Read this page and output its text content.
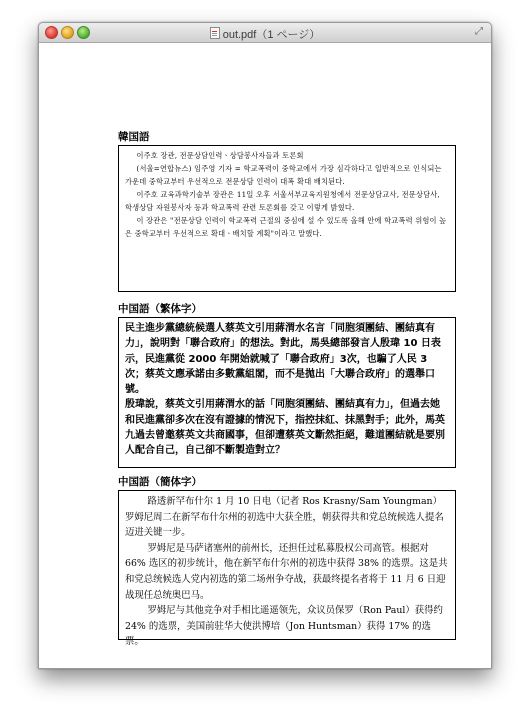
out.pdf（1 ページ）	⤢
韓国語

이주호 장관, 전문상담인력ㆍ상담봉사자들과 토론회

(서울=연합뉴스) 임주영 기자 = 학교폭력이 중학교에서 가장 심각하다고 일반적으로 인식되는 가운데 중학교부터 우선적으로 전문상담 인력이 대폭 확대 배치된다.

이주호 교육과학기술부 장관은 11일 오후 서울서부교육지원청에서 전문상담교사, 전문상담사, 학생상담 자원봉사자 등과 학교폭력 관련 토론회를 갖고 이렇게 밝혔다.

이 장관은 "전문상담 인력이 학교폭력 근절의 중심에 설 수 있도록 올해 안에 학교폭력 위험이 높은 중학교부터 우선적으로 확대ㆍ배치할 계획"이라고 말했다.

中国語（繁体字）

民主進步黨總統候選人蔡英文引用蔣渭水名言「同胞須團結、團結真有力」，說明對「聯合政府」的想法。對此，馬吳總部發言人殷瑋 10 日表示，民進黨從 2000 年開始就喊了「聯合政府」3次，也騙了人民 3 次；蔡英文應承諾由多數黨組閣，而不是拋出「大聯合政府」的選舉口號。

殷瑋說，蔡英文引用蔣渭水的話「同胞須團結、團結真有力」，但過去她和民進黨卻多次在沒有證據的情況下，指控抹紅、抹黑對手；此外，馬英九過去曾邀蔡英文共商國事，但卻遭蔡英文斷然拒絕，難道團結就是要別人配合自己，自己卻不斷製造對立？

中国語（簡体字）

路透新罕布什尔 1 月 10 日电（记者 Ros Krasny/Sam Youngman）罗姆尼周二在新罕布什尔州的初选中大获全胜，朝获得共和党总统候选人提名迈进关键一步。

罗姆尼是马萨诸塞州的前州长，还担任过私募股权公司高管。根据对 66% 选区的初步统计，他在新罕布什尔州的初选中获得 38% 的选票。这是共和党总统候选人党内初选的第二场州争夺战，获最终提名者将于 11 月 6 日迎战现任总统奥巴马。

罗姆尼与其他竞争对手相比遥遥领先，众议员保罗（Ron Paul）获得约 24% 的选票，美国前驻华大使洪博培（Jon Huntsman）获得 17% 的选票。
